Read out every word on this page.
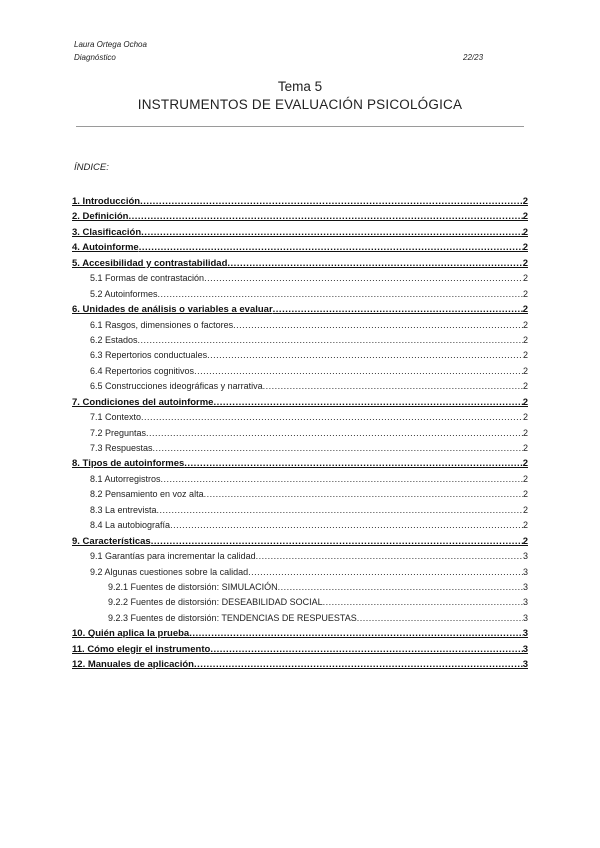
Laura Ortega Ochoa
Diagnóstico	22/23
Tema 5
INSTRUMENTOS DE EVALUACIÓN PSICOLÓGICA
ÍNDICE:
1. Introducción .....	2
2. Definición .....	2
3. Clasificación .....	2
4. Autoinforme .....	2
5. Accesibilidad y contrastabilidad .....	2
5.1 Formas de contrastación .....	2
5.2 Autoinformes .....	2
6. Unidades de análisis o variables a evaluar .....	2
6.1 Rasgos, dimensiones o factores .....	2
6.2 Estados .....	2
6.3 Repertorios conductuales .....	2
6.4 Repertorios cognitivos .....	2
6.5 Construcciones ideográficas y narrativa .....	2
7. Condiciones del autoinforme .....	2
7.1 Contexto .....	2
7.2 Preguntas .....	2
7.3 Respuestas .....	2
8. Tipos de autoinformes .....	2
8.1 Autorregistros .....	2
8.2 Pensamiento en voz alta .....	2
8.3 La entrevista .....	2
8.4 La autobiografía .....	2
9. Características .....	2
9.1 Garantías para incrementar la calidad .....	3
9.2 Algunas cuestiones sobre la calidad .....	3
9.2.1 Fuentes de distorsión: SIMULACIÓN .....	3
9.2.2 Fuentes de distorsión: DESEABILIDAD SOCIAL .....	3
9.2.3 Fuentes de distorsión: TENDENCIAS DE RESPUESTAS .....	3
10. Quién aplica la prueba .....	3
11. Cómo elegir el instrumento .....	3
12. Manuales de aplicación .....	3
